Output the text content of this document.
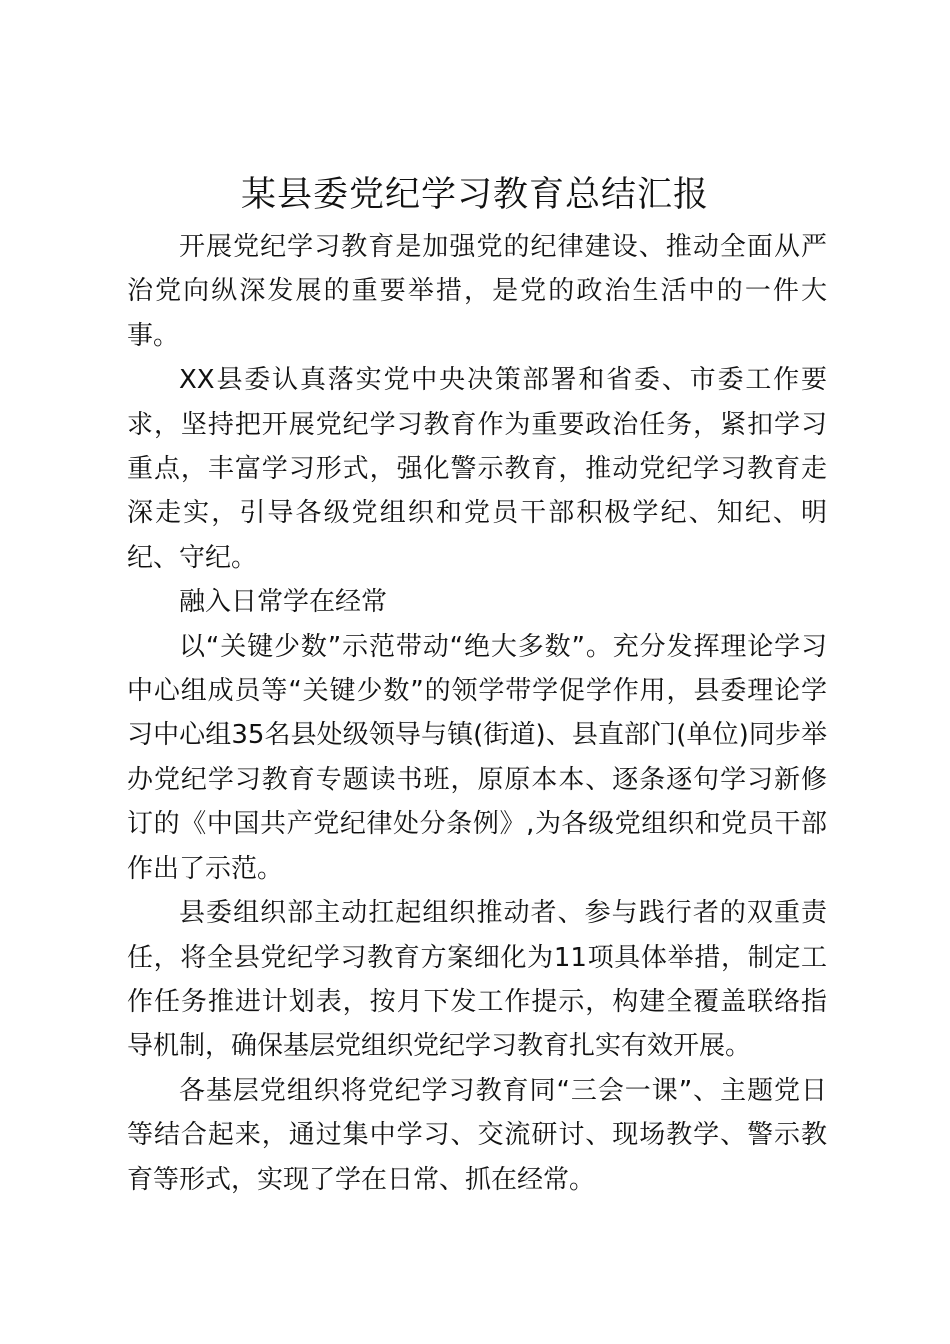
某县委党纪学习教育总结汇报

开展党纪学习教育是加强党的纪律建设、推动全面从严治党向纵深发展的重要举措，是党的政治生活中的一件大事。

XX县委认真落实党中央决策部署和省委、市委工作要求，坚持把开展党纪学习教育作为重要政治任务，紧扣学习重点，丰富学习形式，强化警示教育，推动党纪学习教育走深走实，引导各级党组织和党员干部积极学纪、知纪、明纪、守纪。

融入日常学在经常

以“关键少数”示范带动“绝大多数”。充分发挥理论学习中心组成员等“关键少数”的领学带学促学作用，县委理论学习中心组35名县处级领导与镇(街道)、县直部门(单位)同步举办党纪学习教育专题读书班，原原本本、逐条逐句学习新修订的《中国共产党纪律处分条例》,为各级党组织和党员干部作出了示范。

县委组织部主动扛起组织推动者、参与践行者的双重责任，将全县党纪学习教育方案细化为11项具体举措，制定工作任务推进计划表，按月下发工作提示，构建全覆盖联络指导机制，确保基层党组织党纪学习教育扎实有效开展。

各基层党组织将党纪学习教育同“三会一课”、主题党日等结合起来，通过集中学习、交流研讨、现场教学、警示教育等形式，实现了学在日常、抓在经常。
